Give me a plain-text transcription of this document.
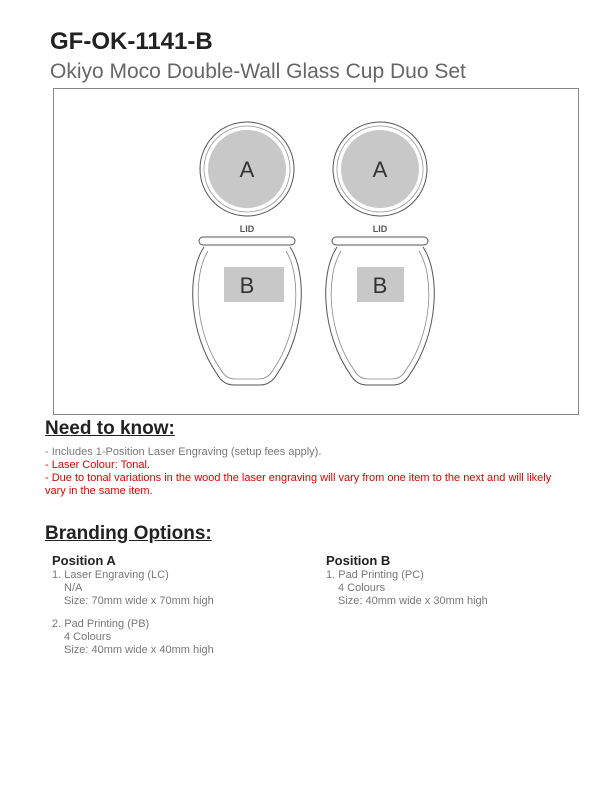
GF-OK-1141-B
Okiyo Moco Double-Wall Glass Cup Duo Set
A
LID
B
A
LID
B
Need to know:
- Includes 1-Position Laser Engraving (setup fees apply).
- Laser Colour: Tonal.
- Due to tonal variations in the wood the laser engraving will vary from one item to the next and will likely vary in the same item.
Branding Options:
Position A
1. Laser Engraving (LC)
N/A
Size: 70mm wide x 70mm high
2. Pad Printing (PB)
4 Colours
Size: 40mm wide x 40mm high
Position B
1. Pad Printing (PC)
4 Colours
Size: 40mm wide x 30mm high
